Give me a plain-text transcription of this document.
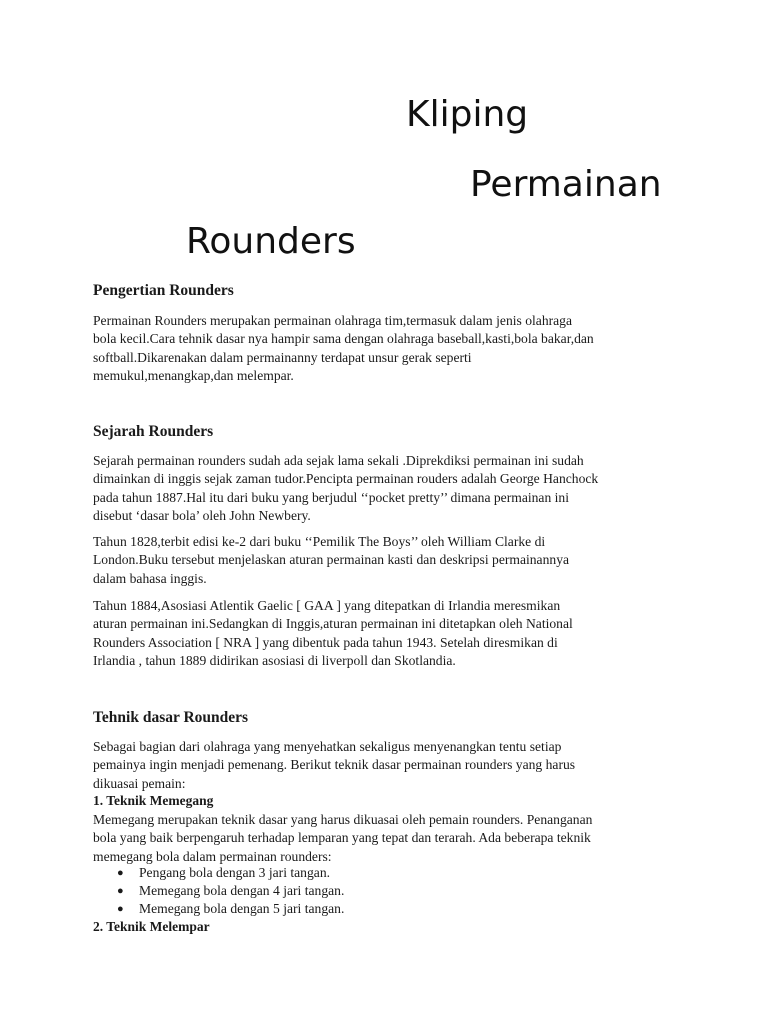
Kliping
Permainan
Rounders
Pengertian Rounders
Permainan Rounders merupakan permainan olahraga tim,termasuk dalam jenis olahraga
bola kecil.Cara tehnik dasar nya hampir sama dengan olahraga baseball,kasti,bola bakar,dan
softball.Dikarenakan dalam permainanny terdapat unsur gerak seperti
memukul,menangkap,dan melempar.
Sejarah Rounders
Sejarah permainan rounders sudah ada sejak lama sekali .Diprekdiksi permainan ini sudah
dimainkan di inggis sejak zaman tudor.Pencipta permainan rouders adalah George Hanchock
pada tahun 1887.Hal itu dari buku yang berjudul ‘‘pocket pretty’’ dimana permainan ini
disebut ‘dasar bola’ oleh John Newbery.
Tahun 1828,terbit edisi ke-2 dari buku ‘‘Pemilik The Boys’’ oleh William Clarke di
London.Buku tersebut menjelaskan aturan permainan kasti dan deskripsi permainannya
dalam bahasa inggis.
Tahun 1884,Asosiasi Atlentik Gaelic [ GAA ] yang ditepatkan di Irlandia meresmikan
aturan permainan ini.Sedangkan di Inggis,aturan permainan ini ditetapkan oleh National
Rounders Association [ NRA ] yang dibentuk pada tahun 1943. Setelah diresmikan di
Irlandia , tahun 1889 didirikan asosiasi di liverpoll dan Skotlandia.
Tehnik dasar Rounders
Sebagai bagian dari olahraga yang menyehatkan sekaligus menyenangkan tentu setiap
pemainya ingin menjadi pemenang. Berikut teknik dasar permainan rounders yang harus
dikuasai pemain:
1. Teknik Memegang
Memegang merupakan teknik dasar yang harus dikuasai oleh pemain rounders. Penanganan
bola yang baik berpengaruh terhadap lemparan yang tepat dan terarah. Ada beberapa teknik
memegang bola dalam permainan rounders:
● Pengang bola dengan 3 jari tangan.
● Memegang bola dengan 4 jari tangan.
● Memegang bola dengan 5 jari tangan.
2. Teknik Melempar
